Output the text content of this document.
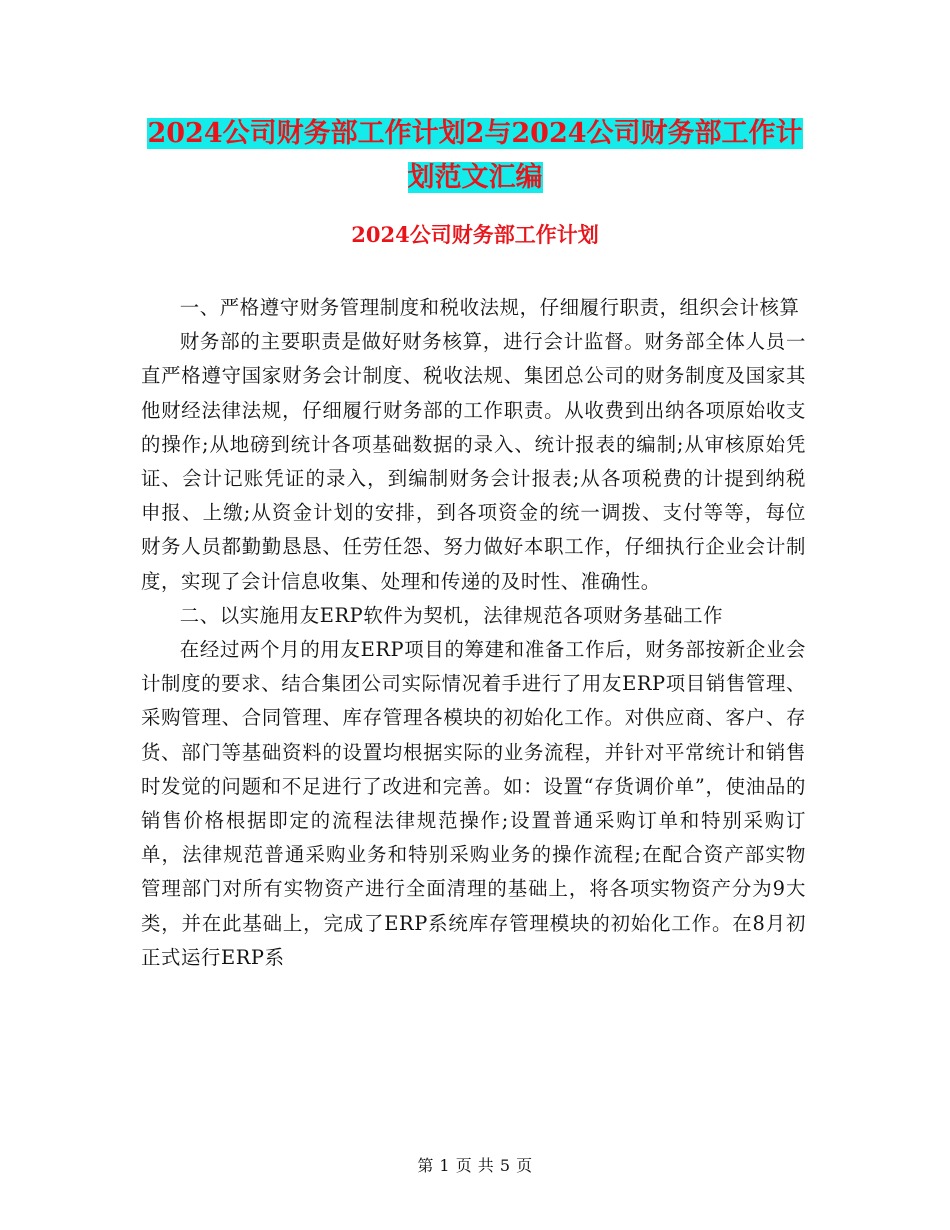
2024公司财务部工作计划2与2024公司财务部工作计
划范文汇编
2024公司财务部工作计划

一、严格遵守财务管理制度和税收法规，仔细履行职责，组织会计核算

财务部的主要职责是做好财务核算，进行会计监督。财务部全体人员一直严格遵守国家财务会计制度、税收法规、集团总公司的财务制度及国家其他财经法律法规，仔细履行财务部的工作职责。从收费到出纳各项原始收支的操作;从地磅到统计各项基础数据的录入、统计报表的编制;从审核原始凭证、会计记账凭证的录入，到编制财务会计报表;从各项税费的计提到纳税申报、上缴;从资金计划的安排，到各项资金的统一调拨、支付等等，每位财务人员都勤勤恳恳、任劳任怨、努力做好本职工作，仔细执行企业会计制度，实现了会计信息收集、处理和传递的及时性、准确性。

二、以实施用友ERP软件为契机，法律规范各项财务基础工作

在经过两个月的用友ERP项目的筹建和准备工作后，财务部按新企业会计制度的要求、结合集团公司实际情况着手进行了用友ERP项目销售管理、采购管理、合同管理、库存管理各模块的初始化工作。对供应商、客户、存货、部门等基础资料的设置均根据实际的业务流程，并针对平常统计和销售时发觉的问题和不足进行了改进和完善。如：设置“存货调价单”，使油品的销售价格根据即定的流程法律规范操作;设置普通采购订单和特别采购订单，法律规范普通采购业务和特别采购业务的操作流程;在配合资产部实物管理部门对所有实物资产进行全面清理的基础上，将各项实物资产分为9大类，并在此基础上，完成了ERP系统库存管理模块的初始化工作。在8月初正式运行ERP系

第 1 页 共 5 页
